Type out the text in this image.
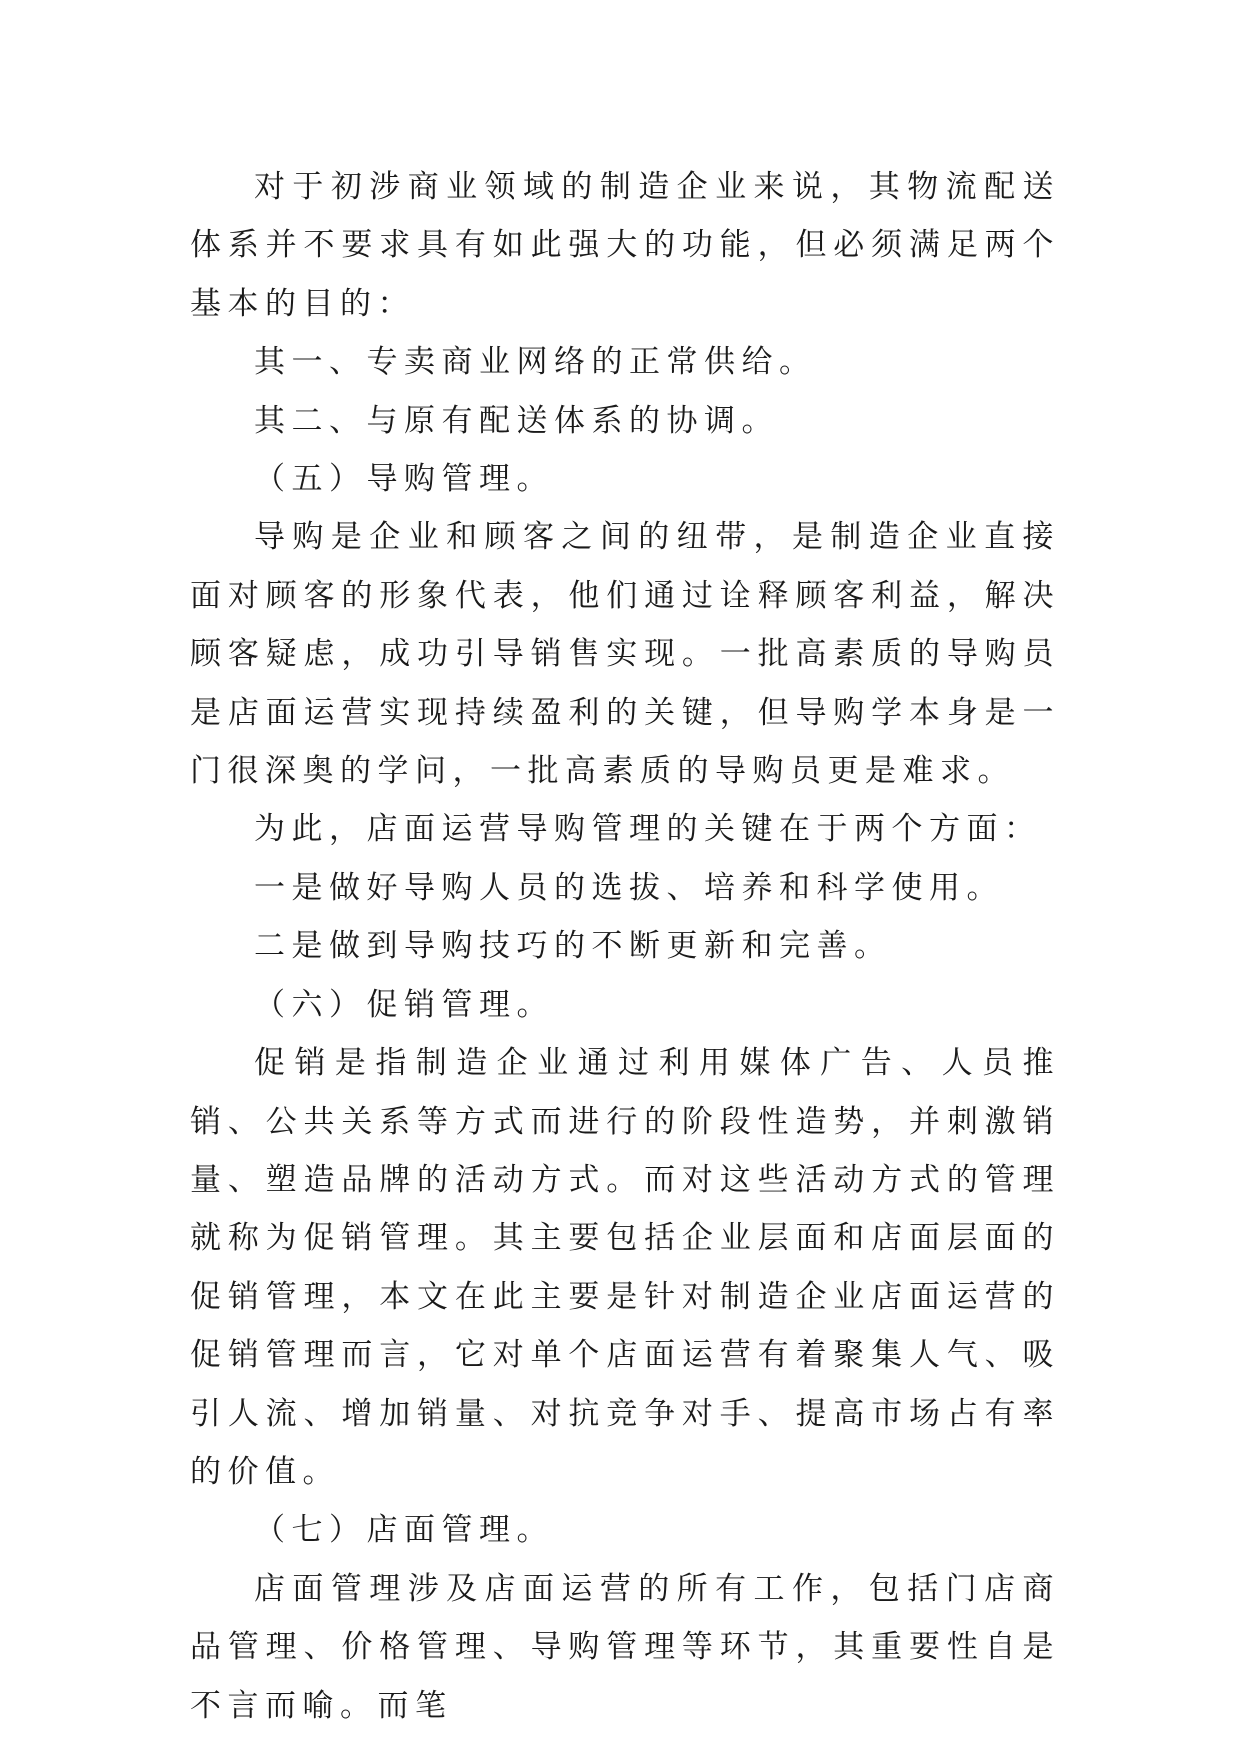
对于初涉商业领域的制造企业来说，其物流配送体系并不要求具有如此强大的功能，但必须满足两个基本的目的：

其一、专卖商业网络的正常供给。

其二、与原有配送体系的协调。

（五）导购管理。

导购是企业和顾客之间的纽带，是制造企业直接面对顾客的形象代表，他们通过诠释顾客利益，解决顾客疑虑，成功引导销售实现。一批高素质的导购员是店面运营实现持续盈利的关键，但导购学本身是一门很深奥的学问，一批高素质的导购员更是难求。

为此，店面运营导购管理的关键在于两个方面：

一是做好导购人员的选拔、培养和科学使用。

二是做到导购技巧的不断更新和完善。

（六）促销管理。

促销是指制造企业通过利用媒体广告、人员推销、公共关系等方式而进行的阶段性造势，并刺激销量、塑造品牌的活动方式。而对这些活动方式的管理就称为促销管理。其主要包括企业层面和店面层面的促销管理，本文在此主要是针对制造企业店面运营的促销管理而言，它对单个店面运营有着聚集人气、吸引人流、增加销量、对抗竞争对手、提高市场占有率的价值。

（七）店面管理。

店面管理涉及店面运营的所有工作，包括门店商品管理、价格管理、导购管理等环节，其重要性自是不言而喻。而笔
